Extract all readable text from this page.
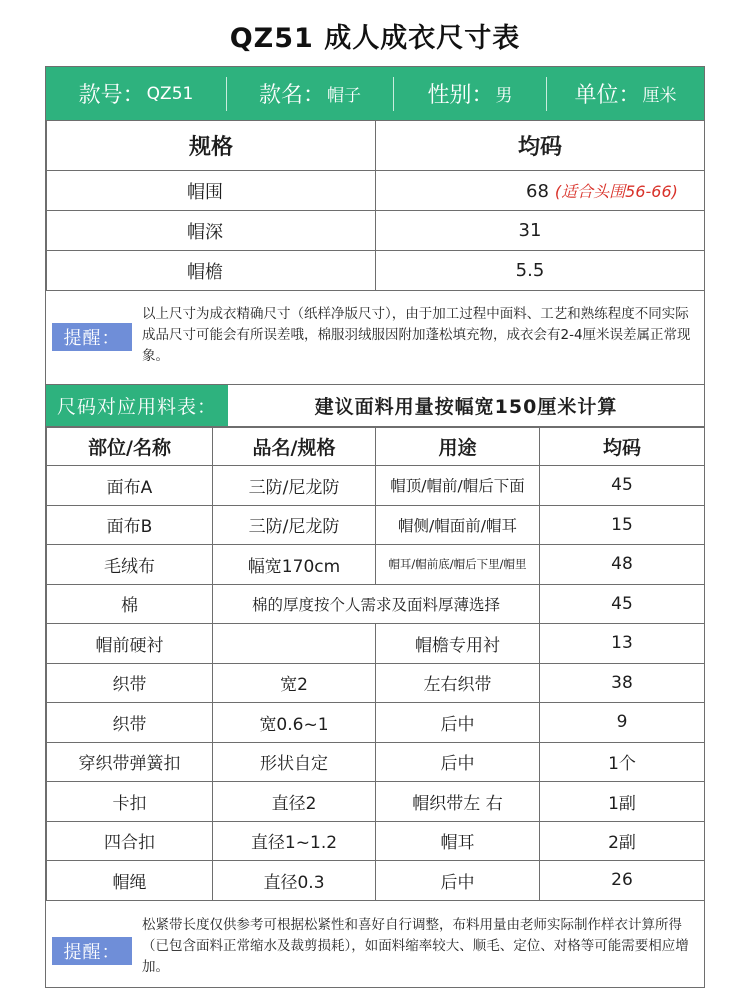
QZ51 成人成衣尺寸表
款号： QZ51	款名： 帽子	性别： 男	单位： 厘米
规格	均码
帽围	68 (适合头围56-66)
帽深	31
帽檐	5.5
提醒：
以上尺寸为成衣精确尺寸（纸样净版尺寸），由于加工过程中面料、工艺和熟练程度不同实际成品尺寸可能会有所误差哦，棉服羽绒服因附加蓬松填充物，成衣会有2-4厘米误差属正常现象。
尺码对应用料表：	建议面料用量按幅宽150厘米计算
部位/名称	品名/规格	用途	均码
面布A	三防/尼龙防	帽顶/帽前/帽后下面	45
面布B	三防/尼龙防	帽侧/帽面前/帽耳	15
毛绒布	幅宽170cm	帽耳/帽前底/帽后下里/帽里	48
棉	棉的厚度按个人需求及面料厚薄选择		45
帽前硬衬		帽檐专用衬	13
织带	宽2	左右织带	38
织带	宽0.6~1	后中	9
穿织带弹簧扣	形状自定	后中	1个
卡扣	直径2	帽织带左 右	1副
四合扣	直径1~1.2	帽耳	2副
帽绳	直径0.3	后中	26
提醒：
松紧带长度仅供参考可根据松紧性和喜好自行调整，布料用量由老师实际制作样衣计算所得（已包含面料正常缩水及裁剪损耗），如面料缩率较大、顺毛、定位、对格等可能需要相应增加。
